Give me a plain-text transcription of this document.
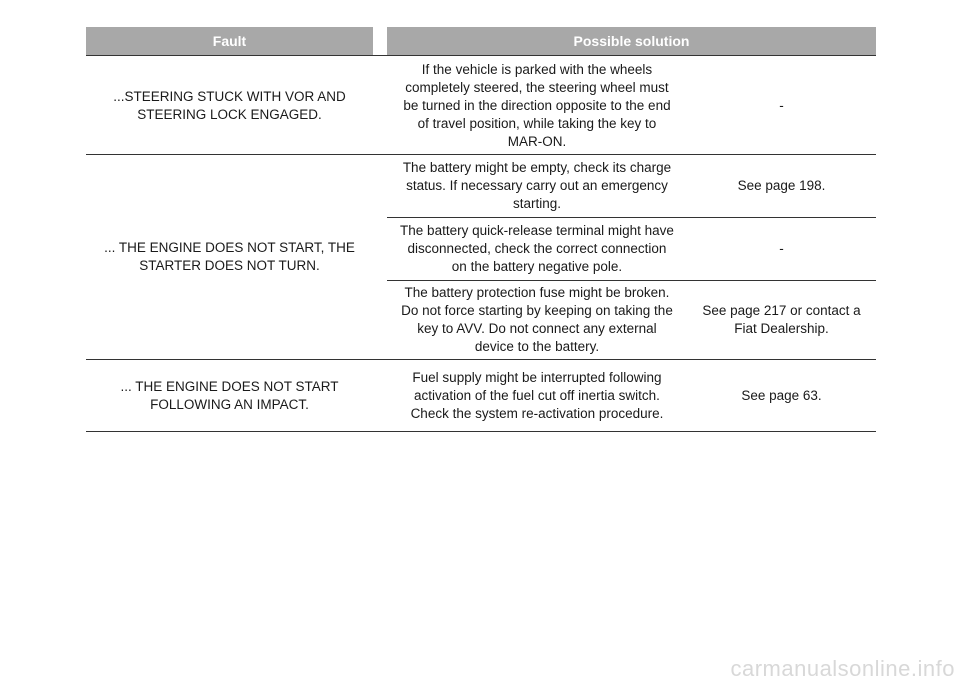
Fault	Possible solution
...STEERING STUCK WITH VOR AND
STEERING LOCK ENGAGED.
If the vehicle is parked with the wheels
completely steered, the steering wheel must
be turned in the direction opposite to the end
of travel position, while taking the key to
MAR-ON.
-
... THE ENGINE DOES NOT START, THE
STARTER DOES NOT TURN.
The battery might be empty, check its charge
status. If necessary carry out an emergency
starting.
See page 198.
The battery quick-release terminal might have
disconnected, check the correct connection
on the battery negative pole.
-
The battery protection fuse might be broken.
Do not force starting by keeping on taking the
key to AVV. Do not connect any external
device to the battery.
See page 217 or contact a
Fiat Dealership.
... THE ENGINE DOES NOT START
FOLLOWING AN IMPACT.
Fuel supply might be interrupted following
activation of the fuel cut off inertia switch.
Check the system re-activation procedure.
See page 63.
carmanualsonline.info
